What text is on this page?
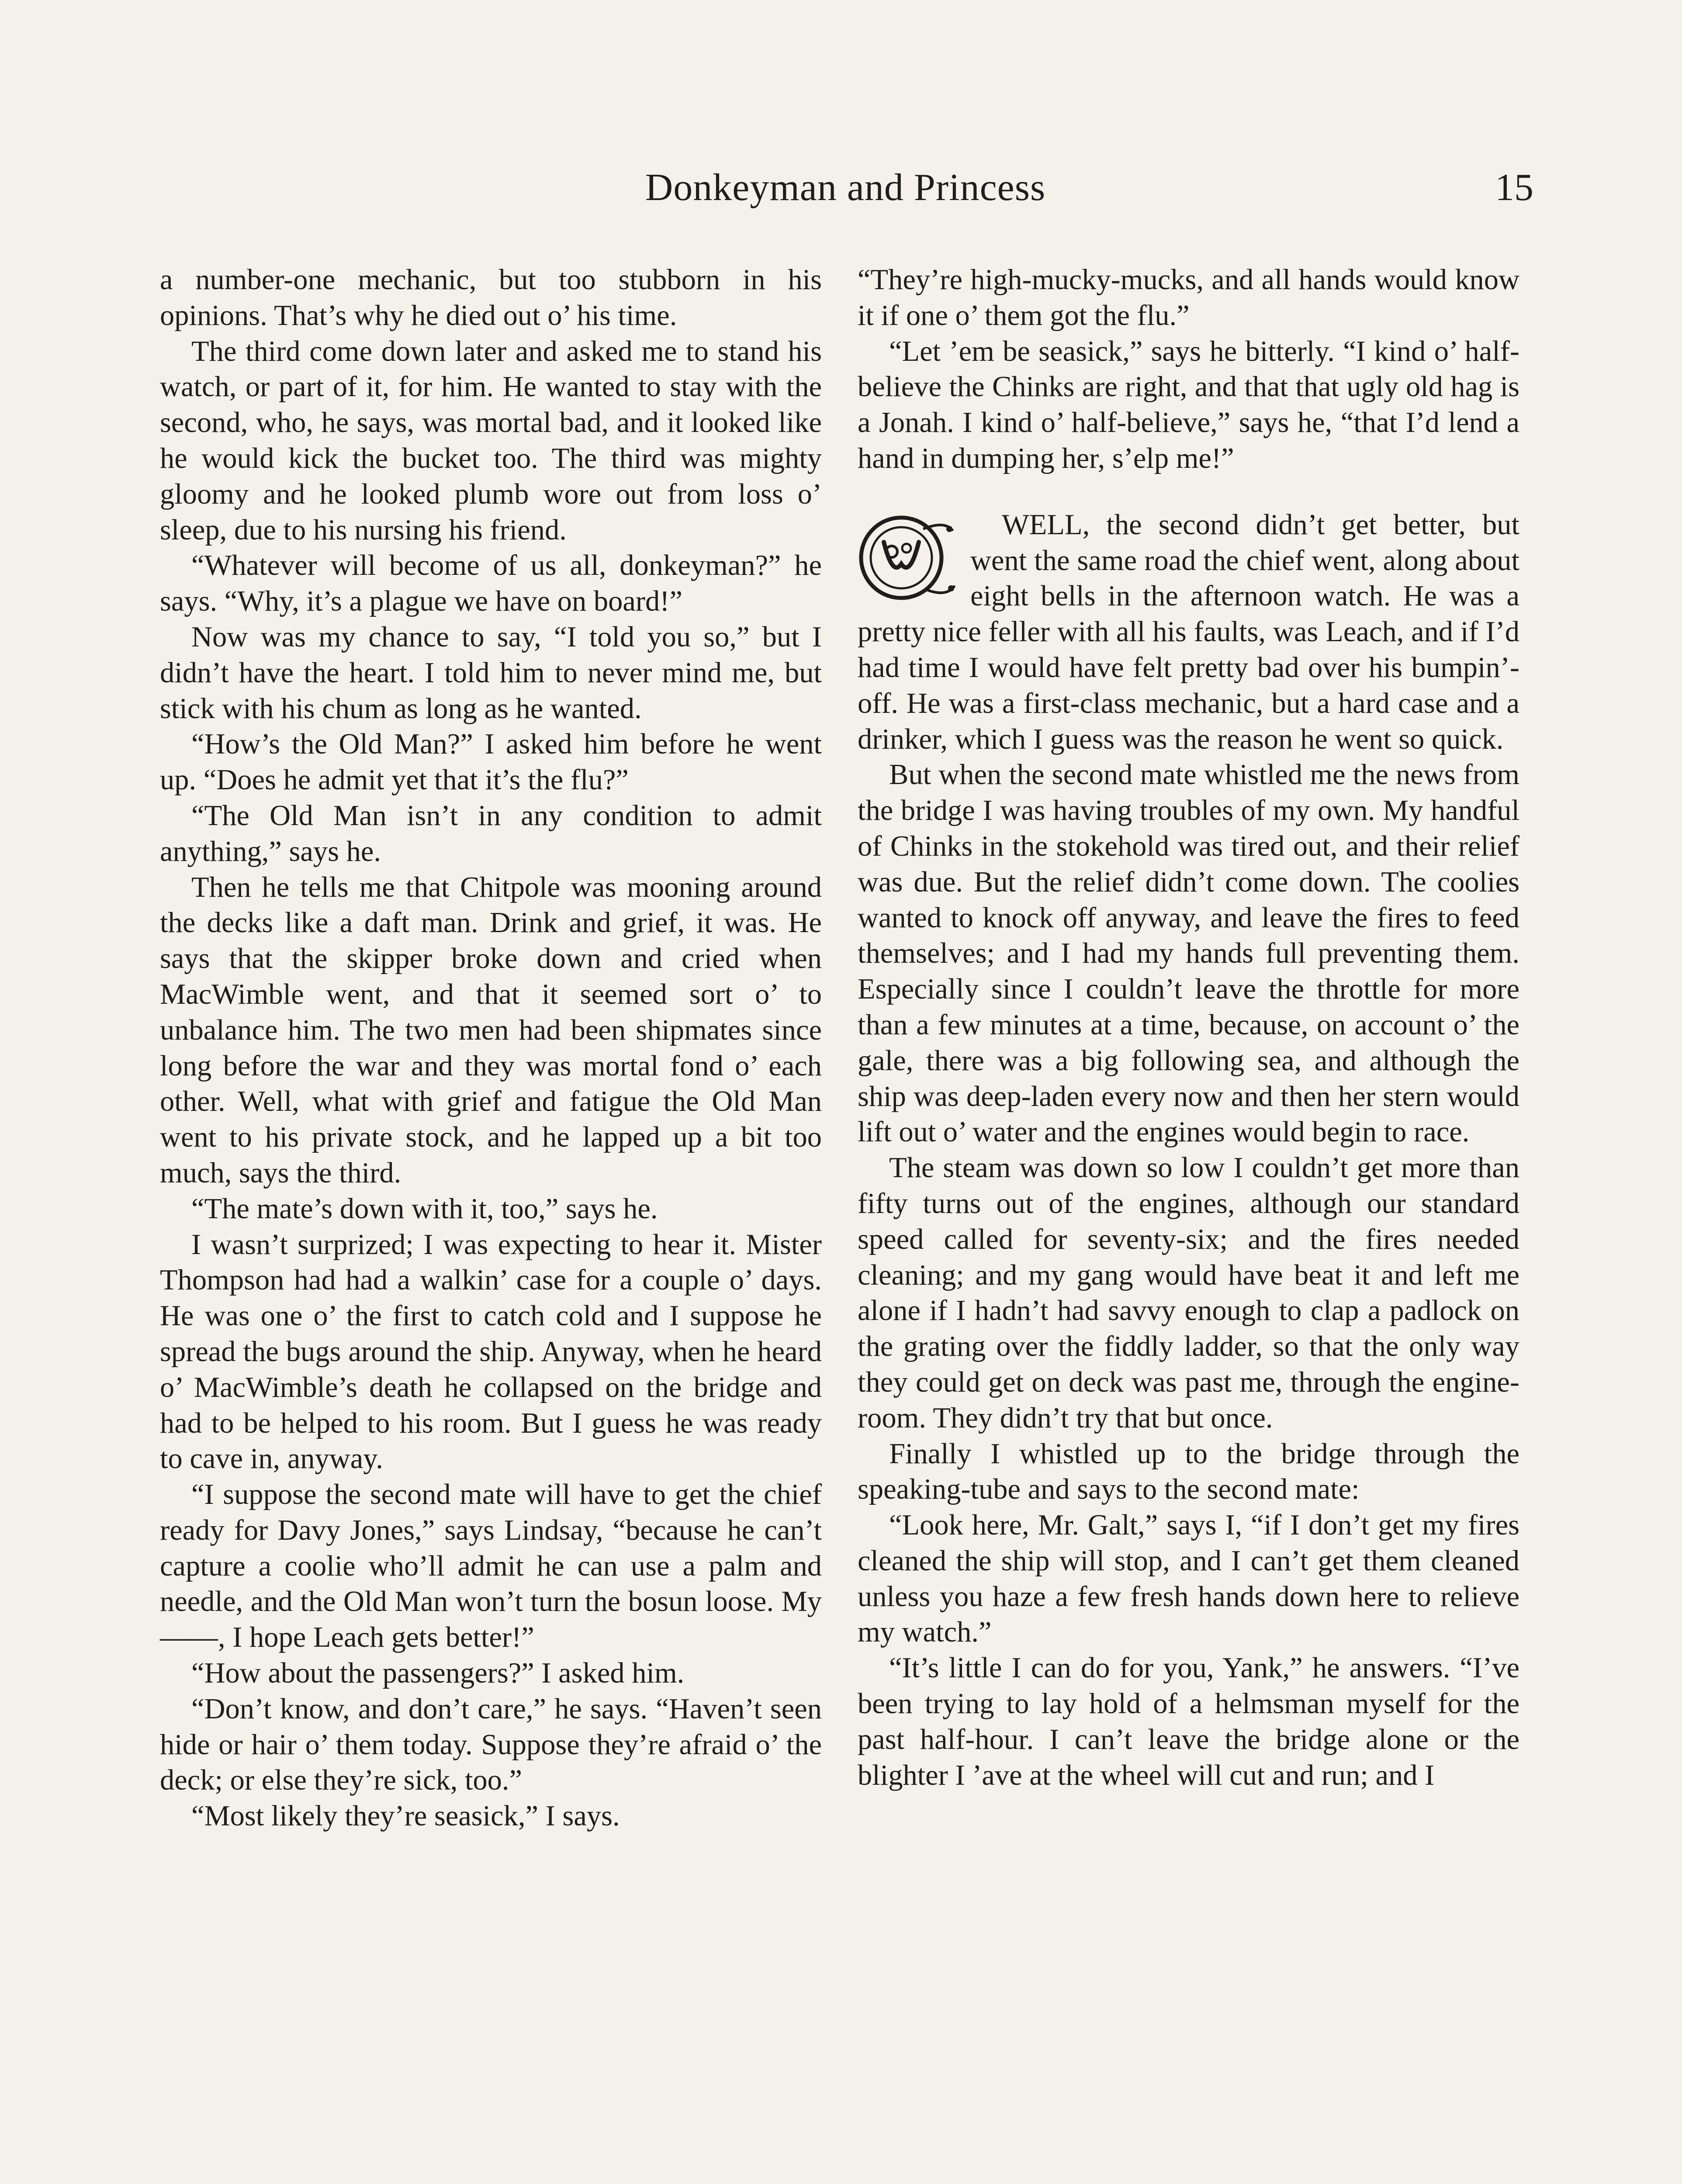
Donkeyman and Princess	15

a number-one mechanic, but too stubborn in his opinions. That’s why he died out o’ his time.

The third come down later and asked me to stand his watch, or part of it, for him. He wanted to stay with the second, who, he says, was mortal bad, and it looked like he would kick the bucket too. The third was mighty gloomy and he looked plumb wore out from loss o’ sleep, due to his nursing his friend.

“Whatever will become of us all, donkeyman?” he says. “Why, it’s a plague we have on board!”

Now was my chance to say, “I told you so,” but I didn’t have the heart. I told him to never mind me, but stick with his chum as long as he wanted.

“How’s the Old Man?” I asked him before he went up. “Does he admit yet that it’s the flu?”

“The Old Man isn’t in any condition to admit anything,” says he.

Then he tells me that Chitpole was mooning around the decks like a daft man. Drink and grief, it was. He says that the skipper broke down and cried when MacWimble went, and that it seemed sort o’ to unbalance him. The two men had been shipmates since long before the war and they was mortal fond o’ each other. Well, what with grief and fatigue the Old Man went to his private stock, and he lapped up a bit too much, says the third.

“The mate’s down with it, too,” says he.

I wasn’t surprized; I was expecting to hear it. Mister Thompson had had a walkin’ case for a couple o’ days. He was one o’ the first to catch cold and I suppose he spread the bugs around the ship. Anyway, when he heard o’ MacWimble’s death he collapsed on the bridge and had to be helped to his room. But I guess he was ready to cave in, anyway.

“I suppose the second mate will have to get the chief ready for Davy Jones,” says Lindsay, “because he can’t capture a coolie who’ll admit he can use a palm and needle, and the Old Man won’t turn the bosun loose. My ——, I hope Leach gets better!”

“How about the passengers?” I asked him.

“Don’t know, and don’t care,” he says. “Haven’t seen hide or hair o’ them today. Suppose they’re afraid o’ the deck; or else they’re sick, too.”

“Most likely they’re seasick,” I says.

“They’re high-mucky-mucks, and all hands would know it if one o’ them got the flu.”

“Let ’em be seasick,” says he bitterly. “I kind o’ half-believe the Chinks are right, and that that ugly old hag is a Jonah. I kind o’ half-believe,” says he, “that I’d lend a hand in dumping her, s’elp me!”

WELL, the second didn’t get better, but went the same road the chief went, along about eight bells in the afternoon watch. He was a pretty nice feller with all his faults, was Leach, and if I’d had time I would have felt pretty bad over his bumpin’-off. He was a first-class mechanic, but a hard case and a drinker, which I guess was the reason he went so quick.

But when the second mate whistled me the news from the bridge I was having troubles of my own. My handful of Chinks in the stokehold was tired out, and their relief was due. But the relief didn’t come down. The coolies wanted to knock off anyway, and leave the fires to feed themselves; and I had my hands full preventing them. Especially since I couldn’t leave the throttle for more than a few minutes at a time, because, on account o’ the gale, there was a big following sea, and although the ship was deep-laden every now and then her stern would lift out o’ water and the engines would begin to race.

The steam was down so low I couldn’t get more than fifty turns out of the engines, although our standard speed called for seventy-six; and the fires needed cleaning; and my gang would have beat it and left me alone if I hadn’t had savvy enough to clap a padlock on the grating over the fiddly ladder, so that the only way they could get on deck was past me, through the engine-room. They didn’t try that but once.

Finally I whistled up to the bridge through the speaking-tube and says to the second mate:

“Look here, Mr. Galt,” says I, “if I don’t get my fires cleaned the ship will stop, and I can’t get them cleaned unless you haze a few fresh hands down here to relieve my watch.”

“It’s little I can do for you, Yank,” he answers. “I’ve been trying to lay hold of a helmsman myself for the past half-hour. I can’t leave the bridge alone or the blighter I ’ave at the wheel will cut and run; and I
